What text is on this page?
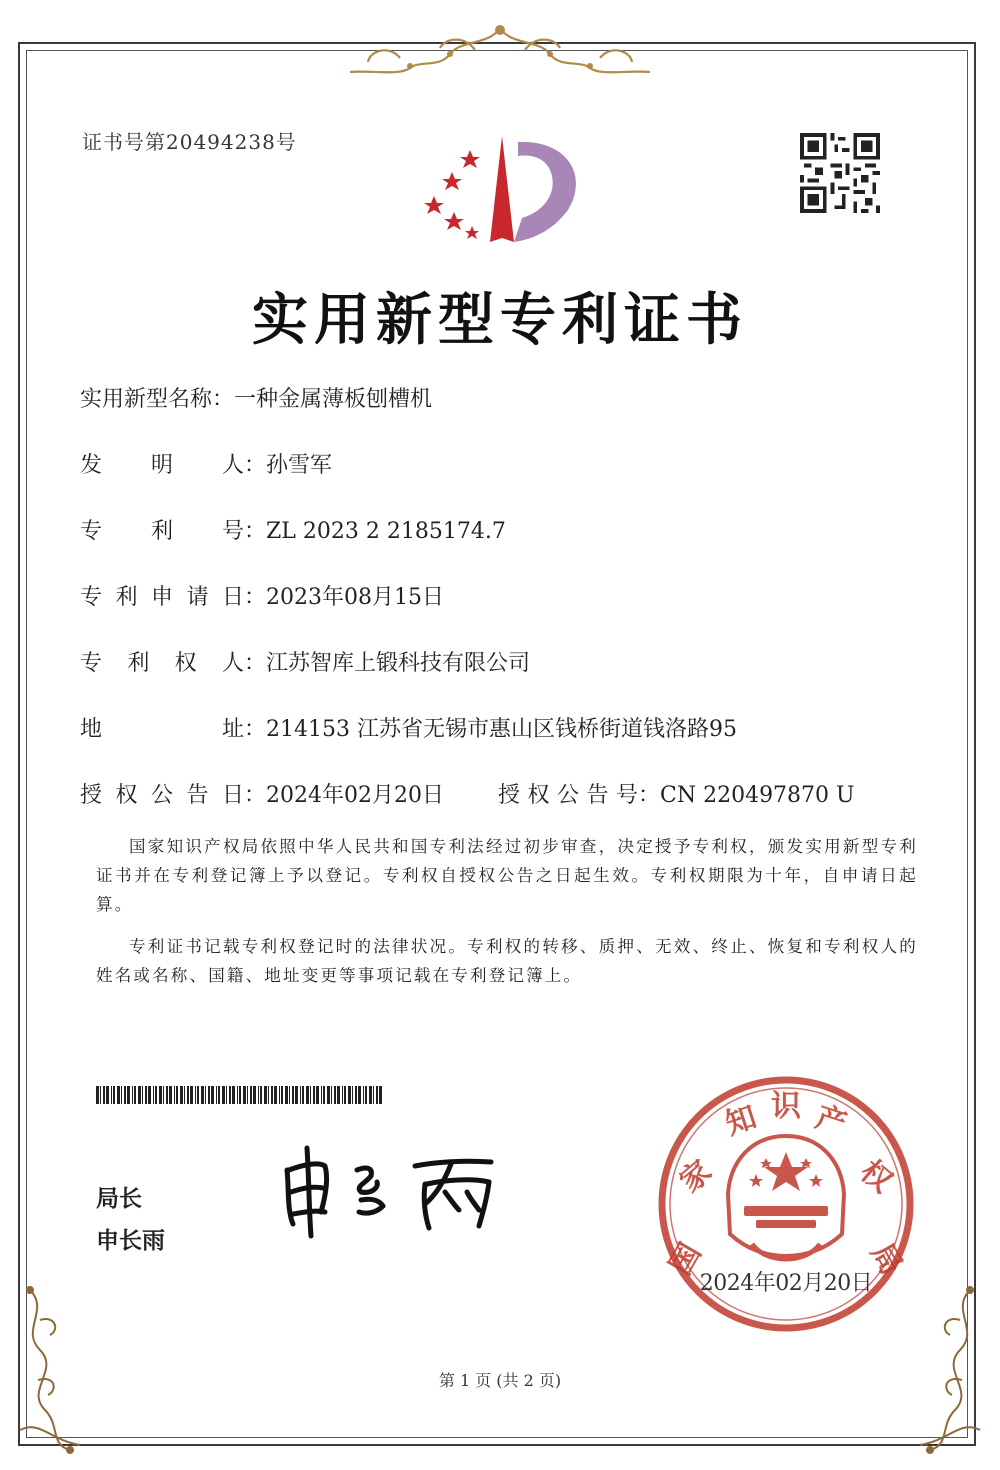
证书号第20494238号
实用新型专利证书
实用新型名称 ：一种金属薄板刨槽机
发明人 ：孙雪军
专利号 ：ZL 2023 2 2185174.7
专利申请日 ：2023年08月15日
专利权人 ：江苏智库上锻科技有限公司
地址 ：214153 江苏省无锡市惠山区钱桥街道钱洛路95
授权公告日 ：2024年02月20日 授权公告号 ：CN 220497870 U
国家知识产权局依照中华人民共和国专利法经过初步审查，决定授予专利权，颁发实用新型专利证书并在专利登记簿上予以登记。专利权自授权公告之日起生效。专利权期限为十年，自申请日起算。
专利证书记载专利权登记时的法律状况。专利权的转移、质押、无效、终止、恢复和专利权人的姓名或名称、国籍、地址变更等事项记载在专利登记簿上。
局长
申长雨	国
家
知 识 产
权
局
2024年02月20日
第 1 页 (共 2 页)
